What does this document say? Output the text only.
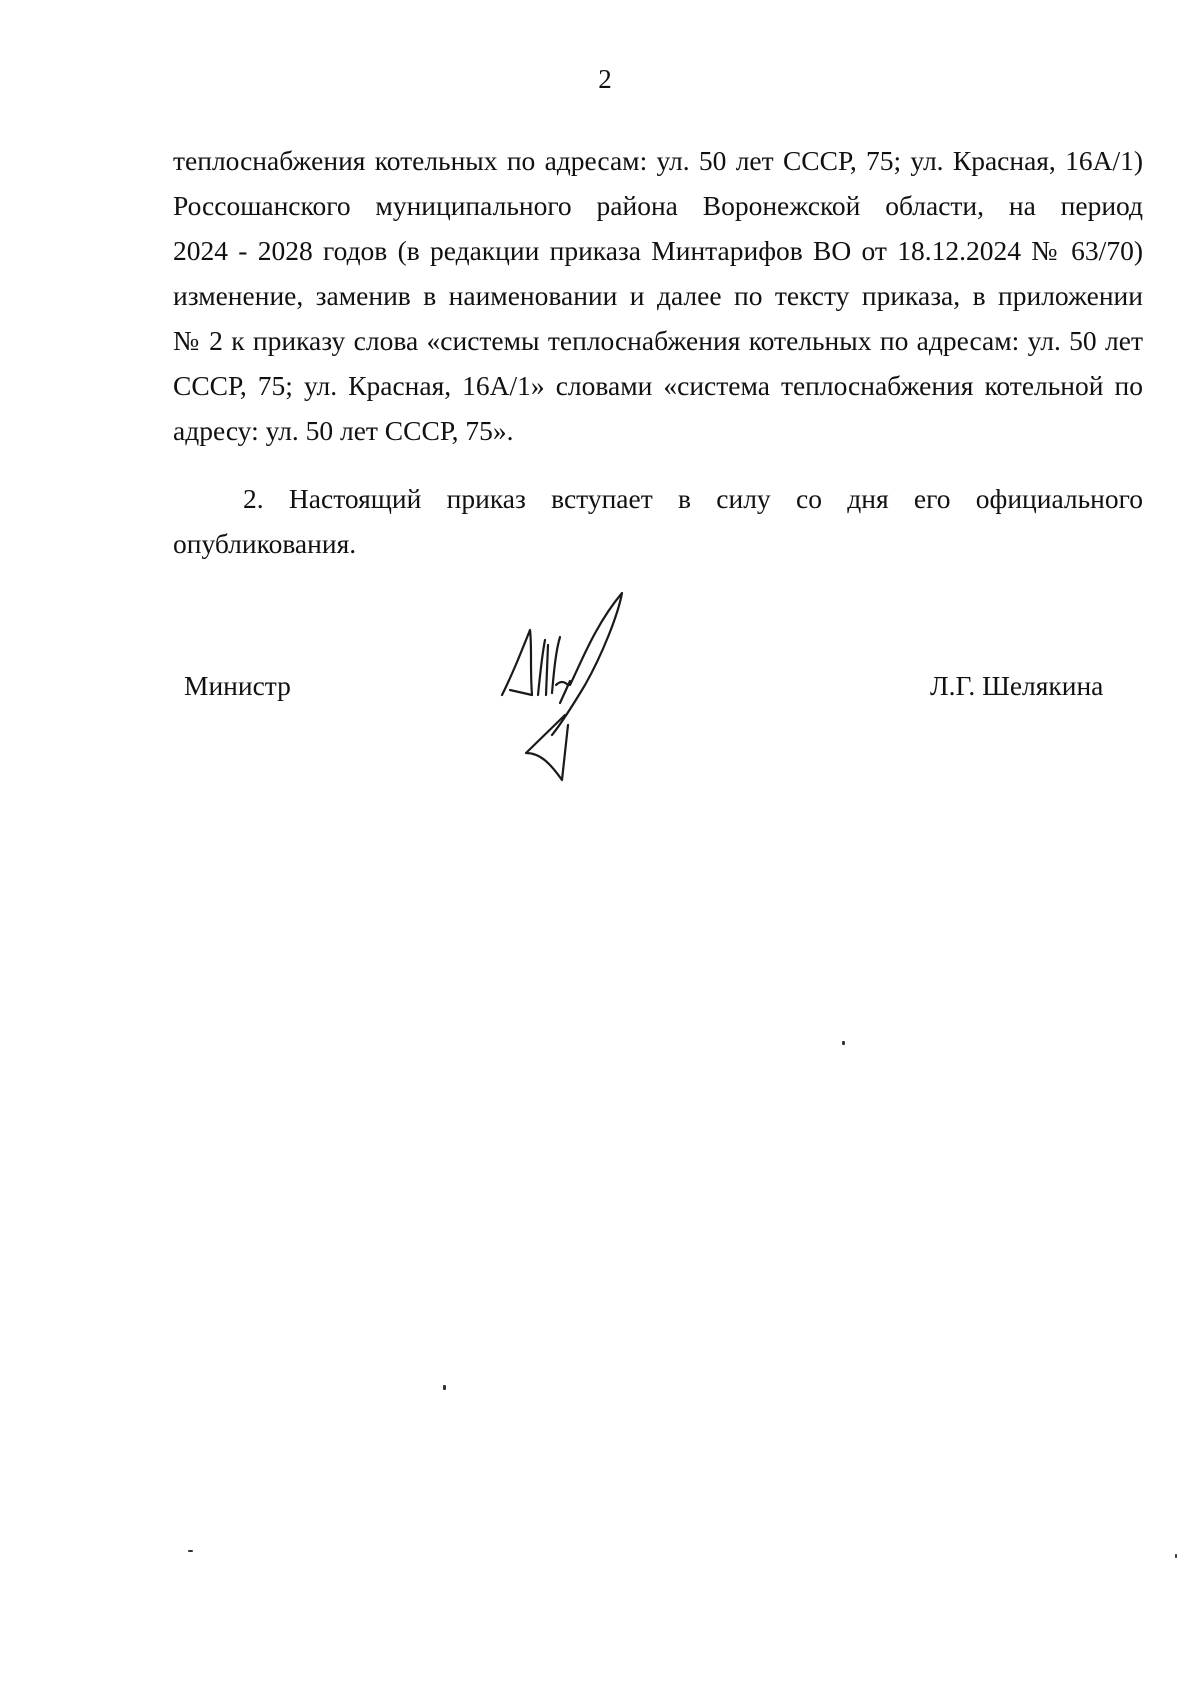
2
теплоснабжения котельных по адресам: ул. 50 лет СССР, 75; ул. Красная, 16А/1)
Россошанского муниципального района Воронежской области, на период
2024 - 2028 годов (в редакции приказа Минтарифов ВО от 18.12.2024 № 63/70)
изменение, заменив в наименовании и далее по тексту приказа, в приложении
№ 2 к приказу слова «системы теплоснабжения котельных по адресам: ул. 50 лет
СССР, 75; ул. Красная, 16А/1» словами «система теплоснабжения котельной по
адресу: ул. 50 лет СССР, 75».
2. Настоящий приказ вступает в силу со дня его официального
опубликования.
Министр	Л.Г. Шелякина
